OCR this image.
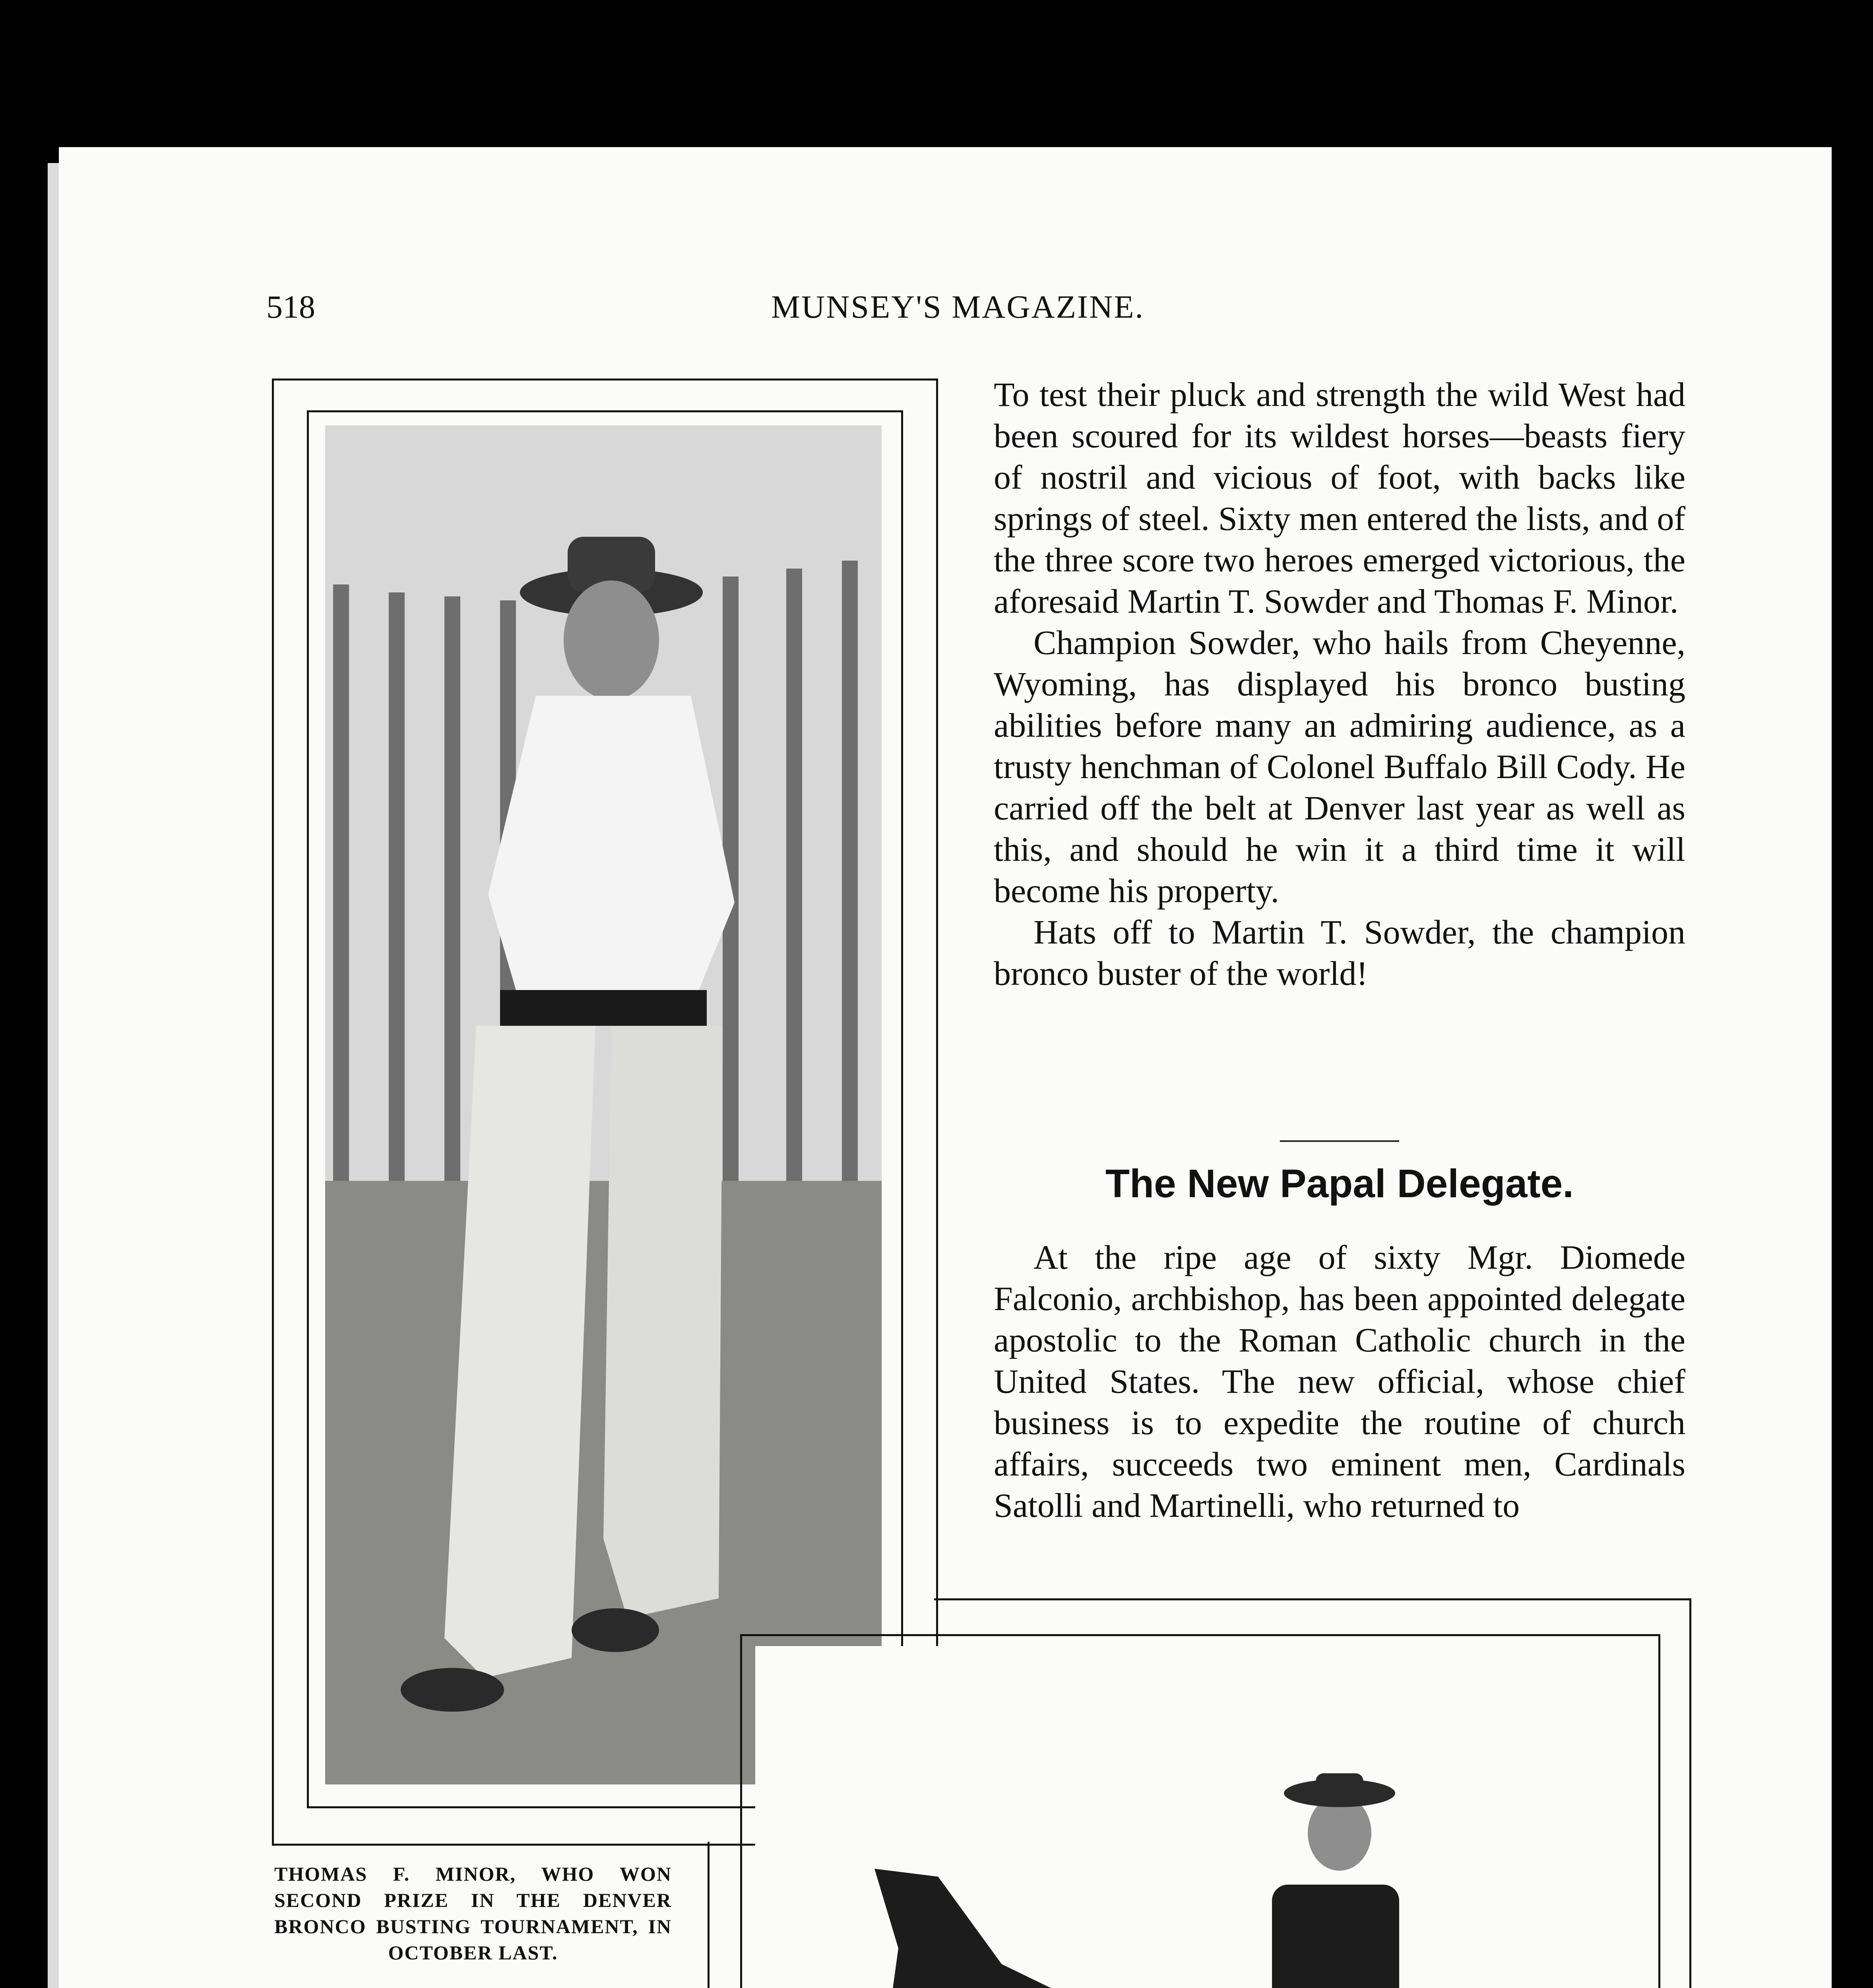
518	MUNSEY'S MAGAZINE.
THOMAS F. MINOR, WHO WON SECOND PRIZE IN THE DENVER BRONCO BUSTING TOURNAMENT, IN OCTOBER LAST.

To test their pluck and strength the wild West had been scoured for its wildest horses—beasts fiery of nostril and vicious of foot, with backs like springs of steel. Sixty men entered the lists, and of the three score two heroes emerged victorious, the aforesaid Martin T. Sowder and Thomas F. Minor.

Champion Sowder, who hails from Cheyenne, Wyoming, has displayed his bronco busting abilities before many an admiring audience, as a trusty henchman of Colonel Buffalo Bill Cody. He carried off the belt at Denver last year as well as this, and should he win it a third time it will become his property.

Hats off to Martin T. Sowder, the champion bronco buster of the world!

The New Papal Delegate.

At the ripe age of sixty Mgr. Diomede Falconio, archbishop, has been appointed delegate apostolic to the Roman Catholic church in the United States. The new official, whose chief business is to expedite the routine of church affairs, succeeds two eminent men, Cardinals Satolli and Martinelli, who returned to
